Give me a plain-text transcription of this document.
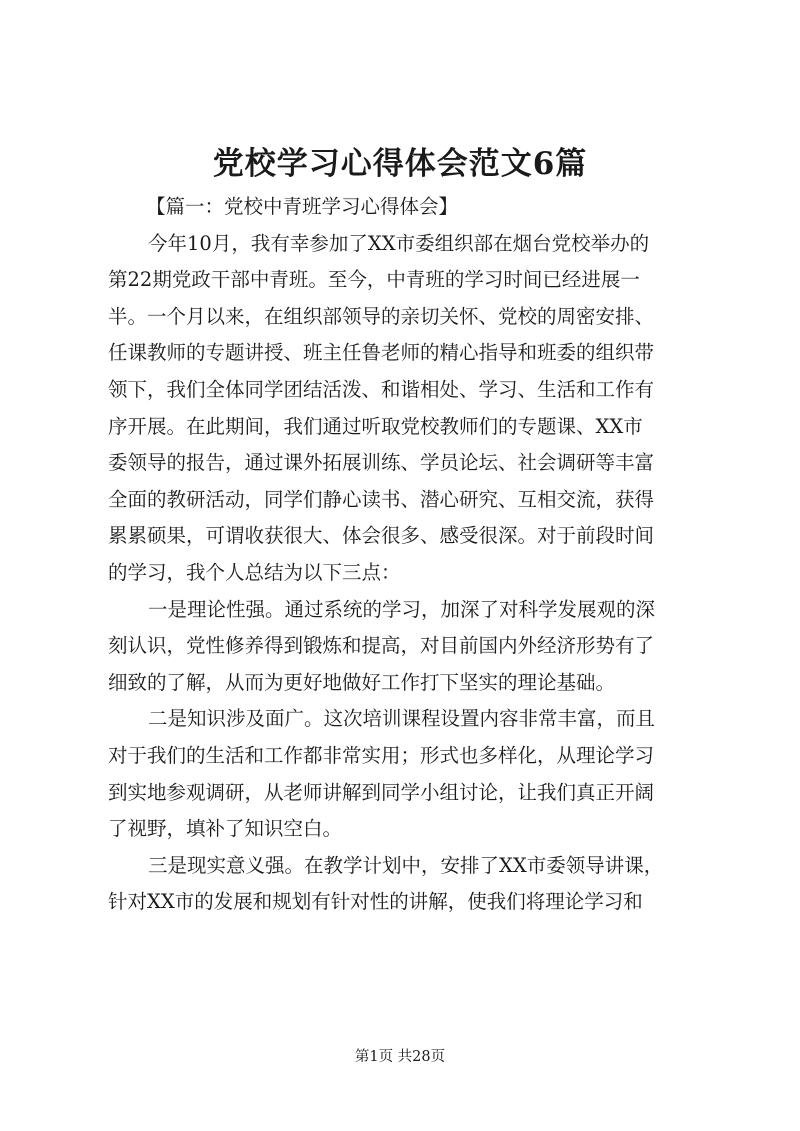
党校学习心得体会范文6篇
【篇一：党校中青班学习心得体会】
今年10月，我有幸参加了XX市委组织部在烟台党校举办的
第22期党政干部中青班。至今，中青班的学习时间已经进展一
半。一个月以来，在组织部领导的亲切关怀、党校的周密安排、
任课教师的专题讲授、班主任鲁老师的精心指导和班委的组织带
领下，我们全体同学团结活泼、和谐相处、学习、生活和工作有
序开展。在此期间，我们通过听取党校教师们的专题课、XX市
委领导的报告，通过课外拓展训练、学员论坛、社会调研等丰富
全面的教研活动，同学们静心读书、潜心研究、互相交流，获得
累累硕果，可谓收获很大、体会很多、感受很深。对于前段时间
的学习，我个人总结为以下三点：
一是理论性强。通过系统的学习，加深了对科学发展观的深
刻认识，党性修养得到锻炼和提高，对目前国内外经济形势有了
细致的了解，从而为更好地做好工作打下坚实的理论基础。
二是知识涉及面广。这次培训课程设置内容非常丰富，而且
对于我们的生活和工作都非常实用；形式也多样化，从理论学习
到实地参观调研，从老师讲解到同学小组讨论，让我们真正开阔
了视野，填补了知识空白。
三是现实意义强。在教学计划中，安排了XX市委领导讲课，
针对XX市的发展和规划有针对性的讲解，使我们将理论学习和
第1页 共28页
